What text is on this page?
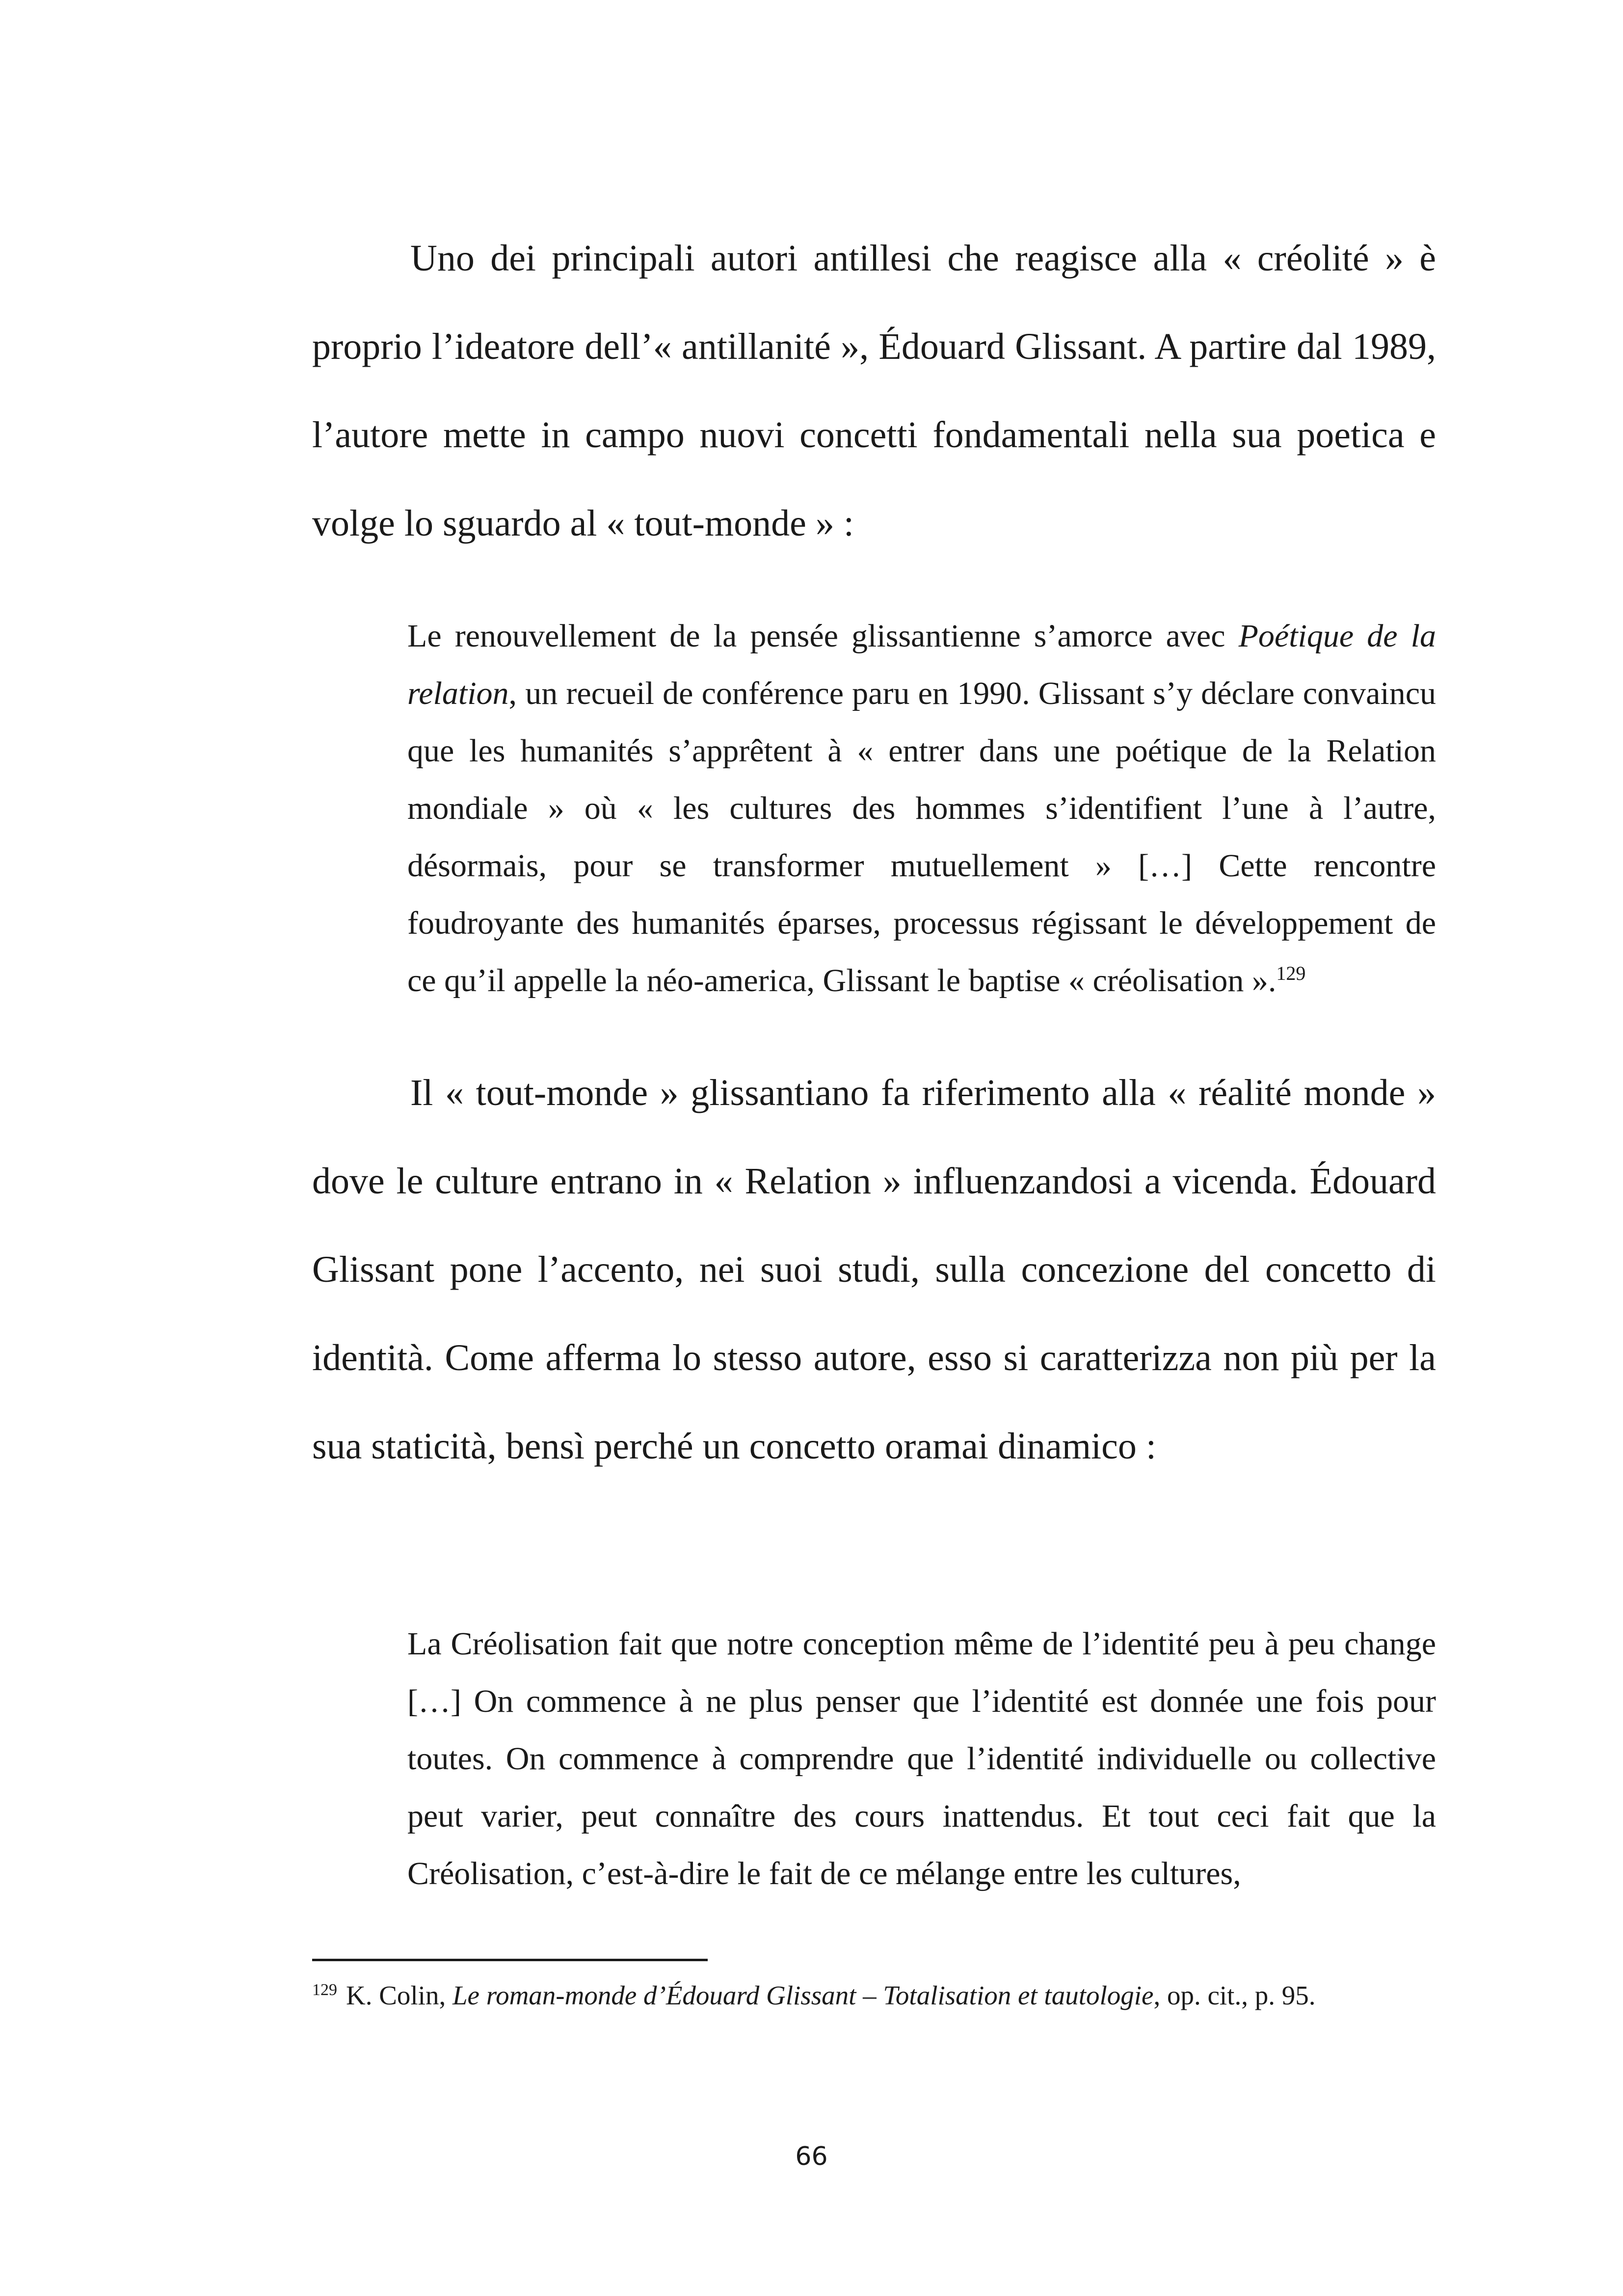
Uno dei principali autori antillesi che reagisce alla « créolité » è proprio l’ideatore dell’« antillanité », Édouard Glissant. A partire dal 1989, l’autore mette in campo nuovi concetti fondamentali nella sua poetica e volge lo sguardo al « tout-monde » :

Le renouvellement de la pensée glissantienne s’amorce avec Poétique de la relation, un recueil de conférence paru en 1990. Glissant s’y déclare convaincu que les humanités s’apprêtent à « entrer dans une poétique de la Relation mondiale » où « les cultures des hommes s’identifient l’une à l’autre, désormais, pour se transformer mutuellement » […] Cette rencontre foudroyante des humanités éparses, processus régissant le développement de ce qu’il appelle la néo-america, Glissant le baptise « créolisation ».$^{129}$

Il « tout-monde » glissantiano fa riferimento alla « réalité monde » dove le culture entrano in « Relation » influenzandosi a vicenda. Édouard Glissant pone l’accento, nei suoi studi, sulla concezione del concetto di identità. Come afferma lo stesso autore, esso si caratterizza non più per la sua staticità, bensì perché un concetto oramai dinamico :

La Créolisation fait que notre conception même de l’identité peu à peu change […] On commence à ne plus penser que l’identité est donnée une fois pour toutes. On commence à comprendre que l’identité individuelle ou collective peut varier, peut connaître des cours inattendus. Et tout ceci fait que la Créolisation, c’est-à-dire le fait de ce mélange entre les cultures,

$^{129}$ K. Colin, Le roman-monde d’Édouard Glissant – Totalisation et tautologie, op. cit., p. 95.

66
